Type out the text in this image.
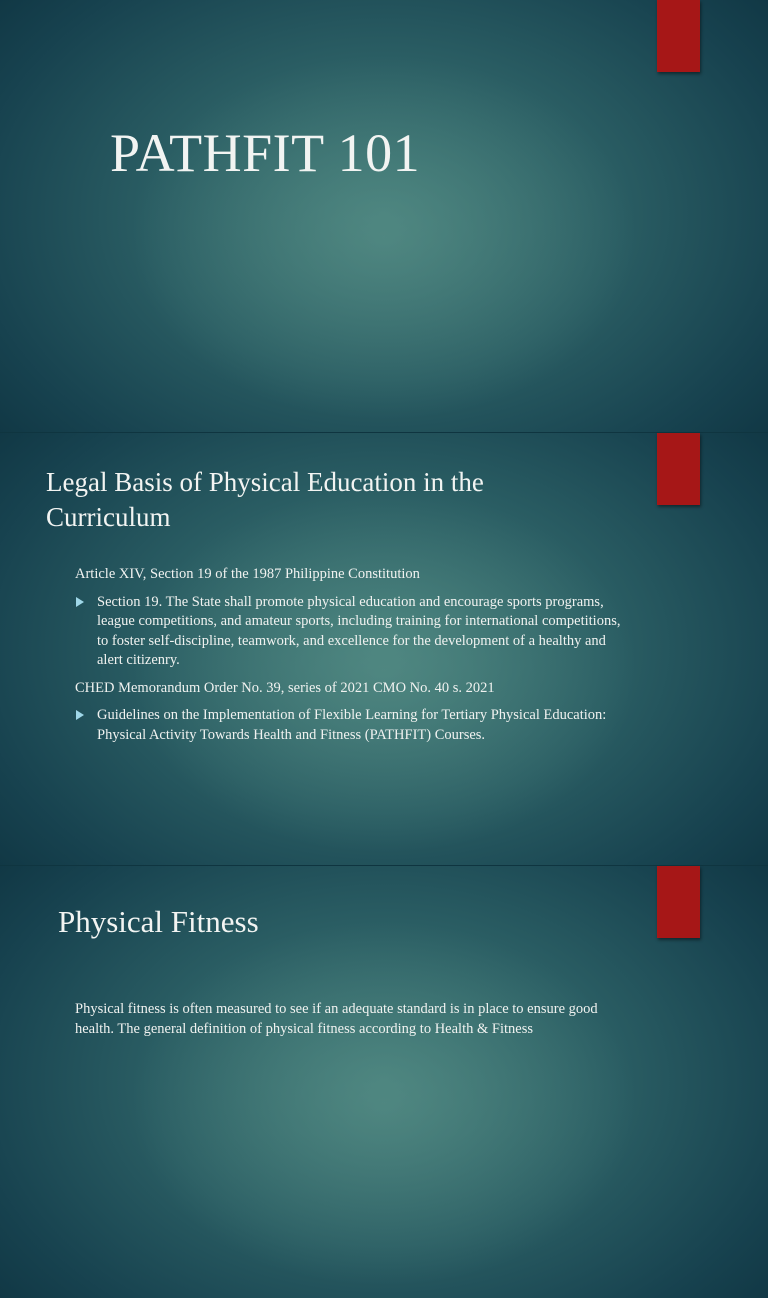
PATHFIT 101
Legal Basis of Physical Education in the Curriculum

Article XIV, Section 19 of the 1987 Philippine Constitution

Section 19. The State shall promote physical education and encourage sports programs, league competitions, and amateur sports, including training for international competitions, to foster self-discipline, teamwork, and excellence for the development of a healthy and alert citizenry.

CHED Memorandum Order No. 39, series of 2021 CMO No. 40 s. 2021

Guidelines on the Implementation of Flexible Learning for Tertiary Physical Education: Physical Activity Towards Health and Fitness (PATHFIT) Courses.
Physical Fitness

Physical fitness is often measured to see if an adequate standard is in place to ensure good health. The general definition of physical fitness according to Health & Fitness
